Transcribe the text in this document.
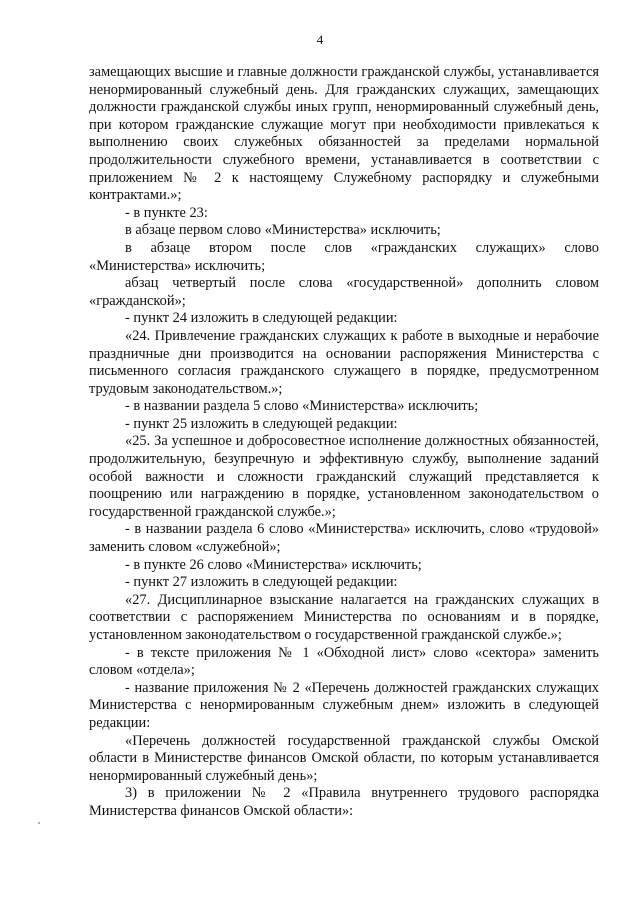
4

замещающих высшие и главные должности гражданской службы, устанавливается ненормированный служебный день. Для гражданских служащих, замещающих должности гражданской службы иных групп, ненормированный служебный день, при котором гражданские служащие могут при необходимости привлекаться к выполнению своих служебных обязанностей за пределами нормальной продолжительности служебного времени, устанавливается в соответствии с приложением № 2 к настоящему Служебному распорядку и служебными контрактами.»;

- в пункте 23:

в абзаце первом слово «Министерства» исключить;

в абзаце втором после слов «гражданских служащих» слово «Министерства» исключить;

абзац четвертый после слова «государственной» дополнить словом «гражданской»;

- пункт 24 изложить в следующей редакции:

«24. Привлечение гражданских служащих к работе в выходные и нерабочие праздничные дни производится на основании распоряжения Министерства с письменного согласия гражданского служащего в порядке, предусмотренном трудовым законодательством.»;

- в названии раздела 5 слово «Министерства» исключить;

- пункт 25 изложить в следующей редакции:

«25. За успешное и добросовестное исполнение должностных обязанностей, продолжительную, безупречную и эффективную службу, выполнение заданий особой важности и сложности гражданский служащий представляется к поощрению или награждению в порядке, установленном законодательством о государственной гражданской службе.»;

- в названии раздела 6 слово «Министерства» исключить, слово «трудовой» заменить словом «служебной»;

- в пункте 26 слово «Министерства» исключить;

- пункт 27 изложить в следующей редакции:

«27. Дисциплинарное взыскание налагается на гражданских служащих в соответствии с распоряжением Министерства по основаниям и в порядке, установленном законодательством о государственной гражданской службе.»;

- в тексте приложения № 1 «Обходной лист» слово «сектора» заменить словом «отдела»;

- название приложения № 2 «Перечень должностей гражданских служащих Министерства с ненормированным служебным днем» изложить в следующей редакции:

«Перечень должностей государственной гражданской службы Омской области в Министерстве финансов Омской области, по которым устанавливается ненормированный служебный день»;

3) в приложении № 2 «Правила внутреннего трудового распорядка Министерства финансов Омской области»:
